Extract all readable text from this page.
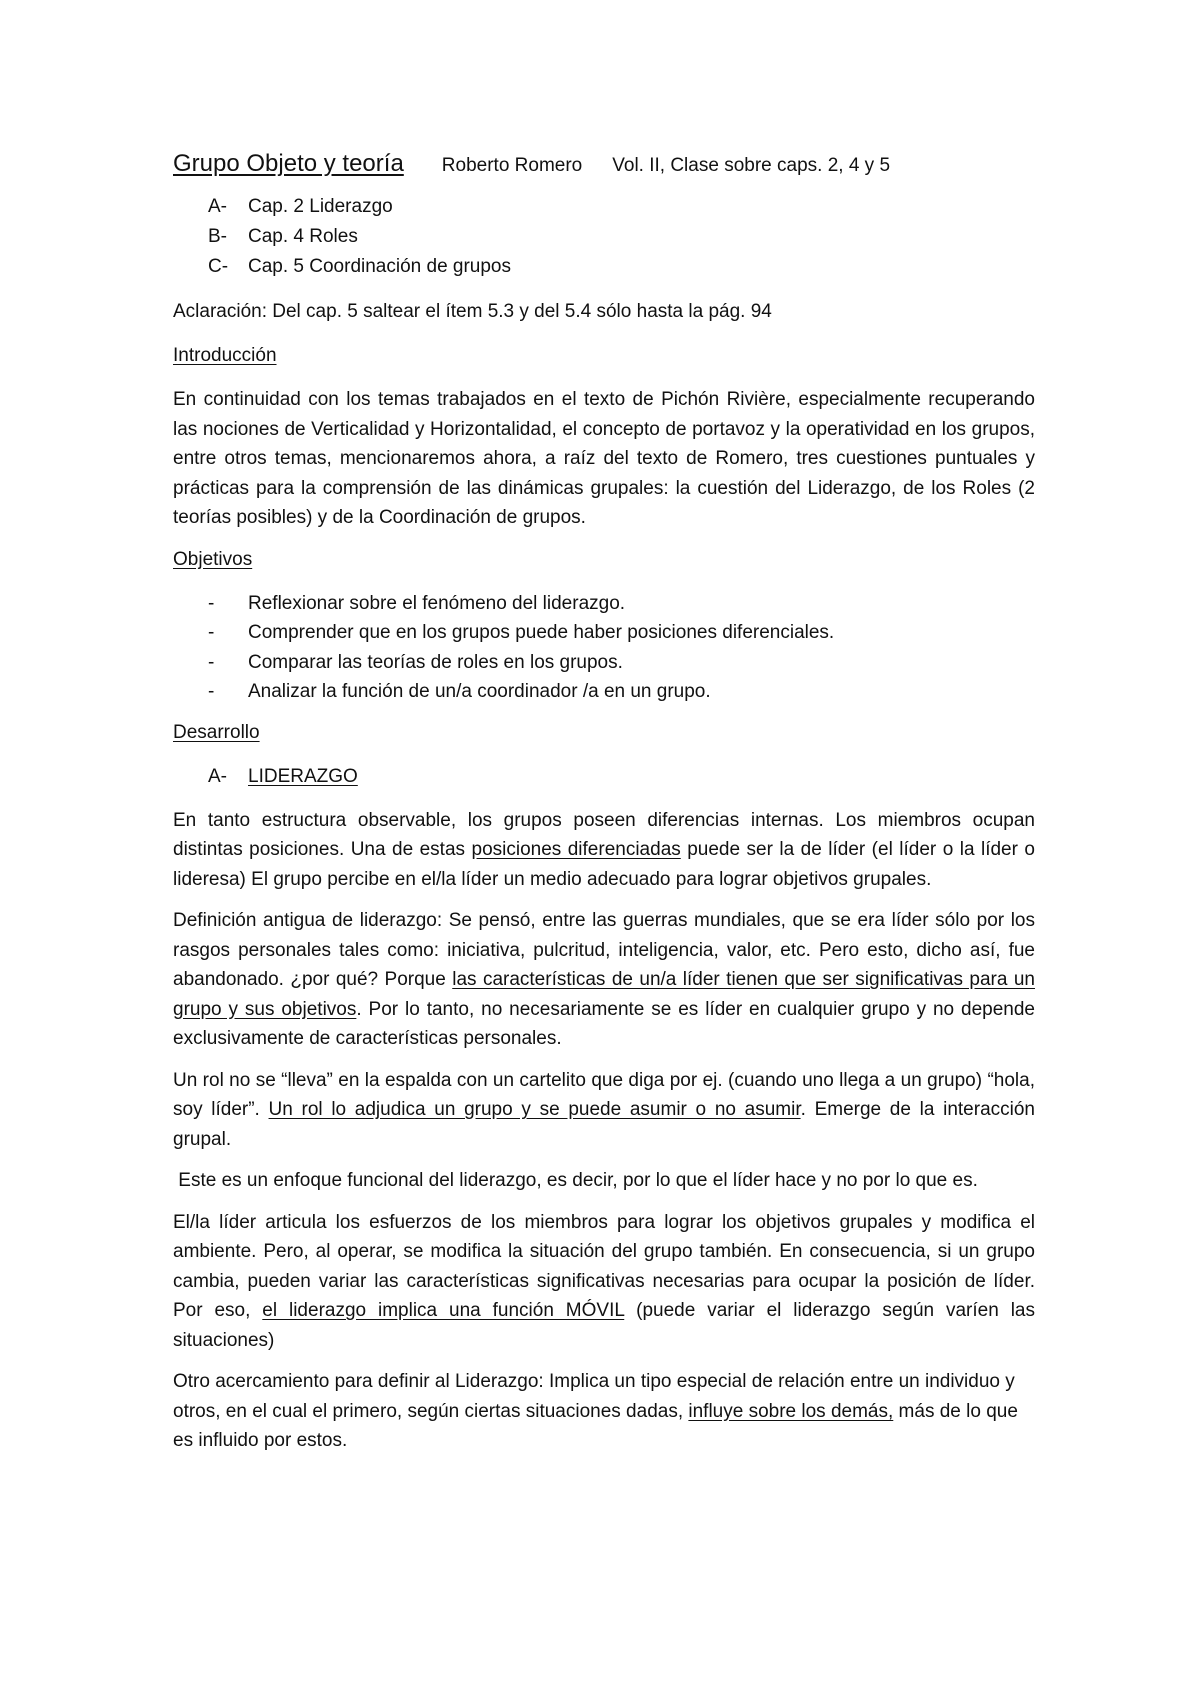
Grupo Objeto y teoría Roberto Romero Vol. II, Clase sobre caps. 2, 4 y 5
A-	Cap. 2 Liderazgo
B-	Cap. 4 Roles
C-	Cap. 5 Coordinación de grupos

Aclaración: Del cap. 5 saltear el ítem 5.3 y del 5.4 sólo hasta la pág. 94

Introducción

En continuidad con los temas trabajados en el texto de Pichón Rivière, especialmente recuperando las nociones de Verticalidad y Horizontalidad, el concepto de portavoz y la operatividad en los grupos, entre otros temas, mencionaremos ahora, a raíz del texto de Romero, tres cuestiones puntuales y prácticas para la comprensión de las dinámicas grupales: la cuestión del Liderazgo, de los Roles (2 teorías posibles) y de la Coordinación de grupos.

Objetivos

-	Reflexionar sobre el fenómeno del liderazgo.
-	Comprender que en los grupos puede haber posiciones diferenciales.
-	Comparar las teorías de roles en los grupos.
-	Analizar la función de un/a coordinador /a en un grupo.

Desarrollo

A-	LIDERAZGO

En tanto estructura observable, los grupos poseen diferencias internas. Los miembros ocupan distintas posiciones. Una de estas posiciones diferenciadas puede ser la de líder (el líder o la líder o lideresa) El grupo percibe en el/la líder un medio adecuado para lograr objetivos grupales.

Definición antigua de liderazgo: Se pensó, entre las guerras mundiales, que se era líder sólo por los rasgos personales tales como: iniciativa, pulcritud, inteligencia, valor, etc. Pero esto, dicho así, fue abandonado. ¿por qué? Porque las características de un/a líder tienen que ser significativas para un grupo y sus objetivos. Por lo tanto, no necesariamente se es líder en cualquier grupo y no depende exclusivamente de características personales.

Un rol no se “lleva” en la espalda con un cartelito que diga por ej. (cuando uno llega a un grupo) “hola, soy líder”. Un rol lo adjudica un grupo y se puede asumir o no asumir. Emerge de la interacción grupal.

Este es un enfoque funcional del liderazgo, es decir, por lo que el líder hace y no por lo que es.

El/la líder articula los esfuerzos de los miembros para lograr los objetivos grupales y modifica el ambiente. Pero, al operar, se modifica la situación del grupo también. En consecuencia, si un grupo cambia, pueden variar las características significativas necesarias para ocupar la posición de líder. Por eso, el liderazgo implica una función MÓVIL (puede variar el liderazgo según varíen las situaciones)

Otro acercamiento para definir al Liderazgo: Implica un tipo especial de relación entre un individuo y otros, en el cual el primero, según ciertas situaciones dadas, influye sobre los demás, más de lo que es influido por estos.
